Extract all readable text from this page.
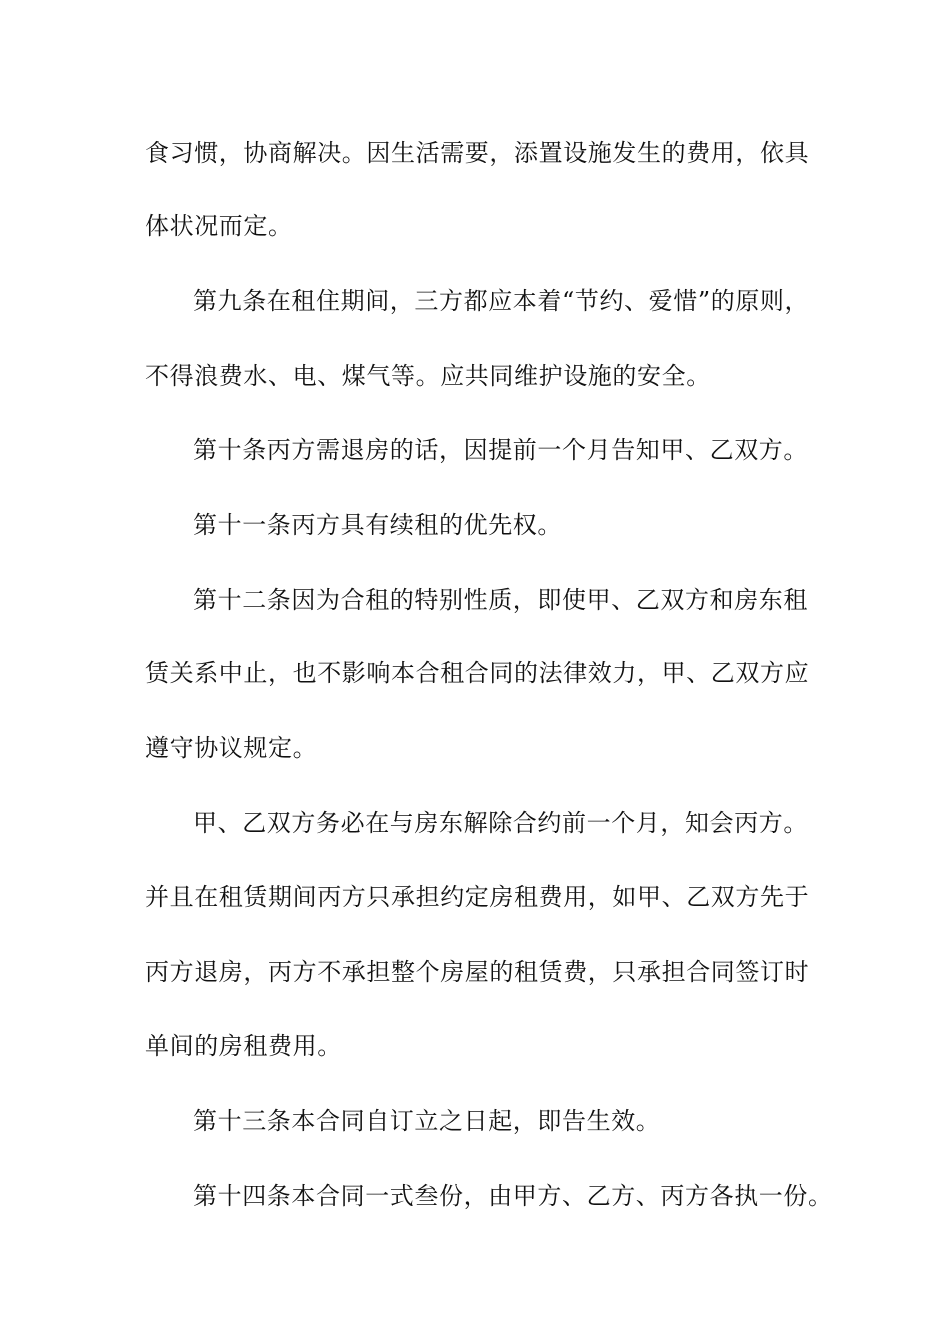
食习惯，协商解决。因生活需要，添置设施发生的费用，依具
体状况而定。
第九条在租住期间，三方都应本着“节约、爱惜”的原则，
不得浪费水、电、煤气等。应共同维护设施的安全。
第十条丙方需退房的话，因提前一个月告知甲、乙双方。
第十一条丙方具有续租的优先权。
第十二条因为合租的特别性质，即使甲、乙双方和房东租
赁关系中止，也不影响本合租合同的法律效力，甲、乙双方应
遵守协议规定。
甲、乙双方务必在与房东解除合约前一个月，知会丙方。
并且在租赁期间丙方只承担约定房租费用，如甲、乙双方先于
丙方退房，丙方不承担整个房屋的租赁费，只承担合同签订时
单间的房租费用。
第十三条本合同自订立之日起，即告生效。
第十四条本合同一式叁份，由甲方、乙方、丙方各执一份。
